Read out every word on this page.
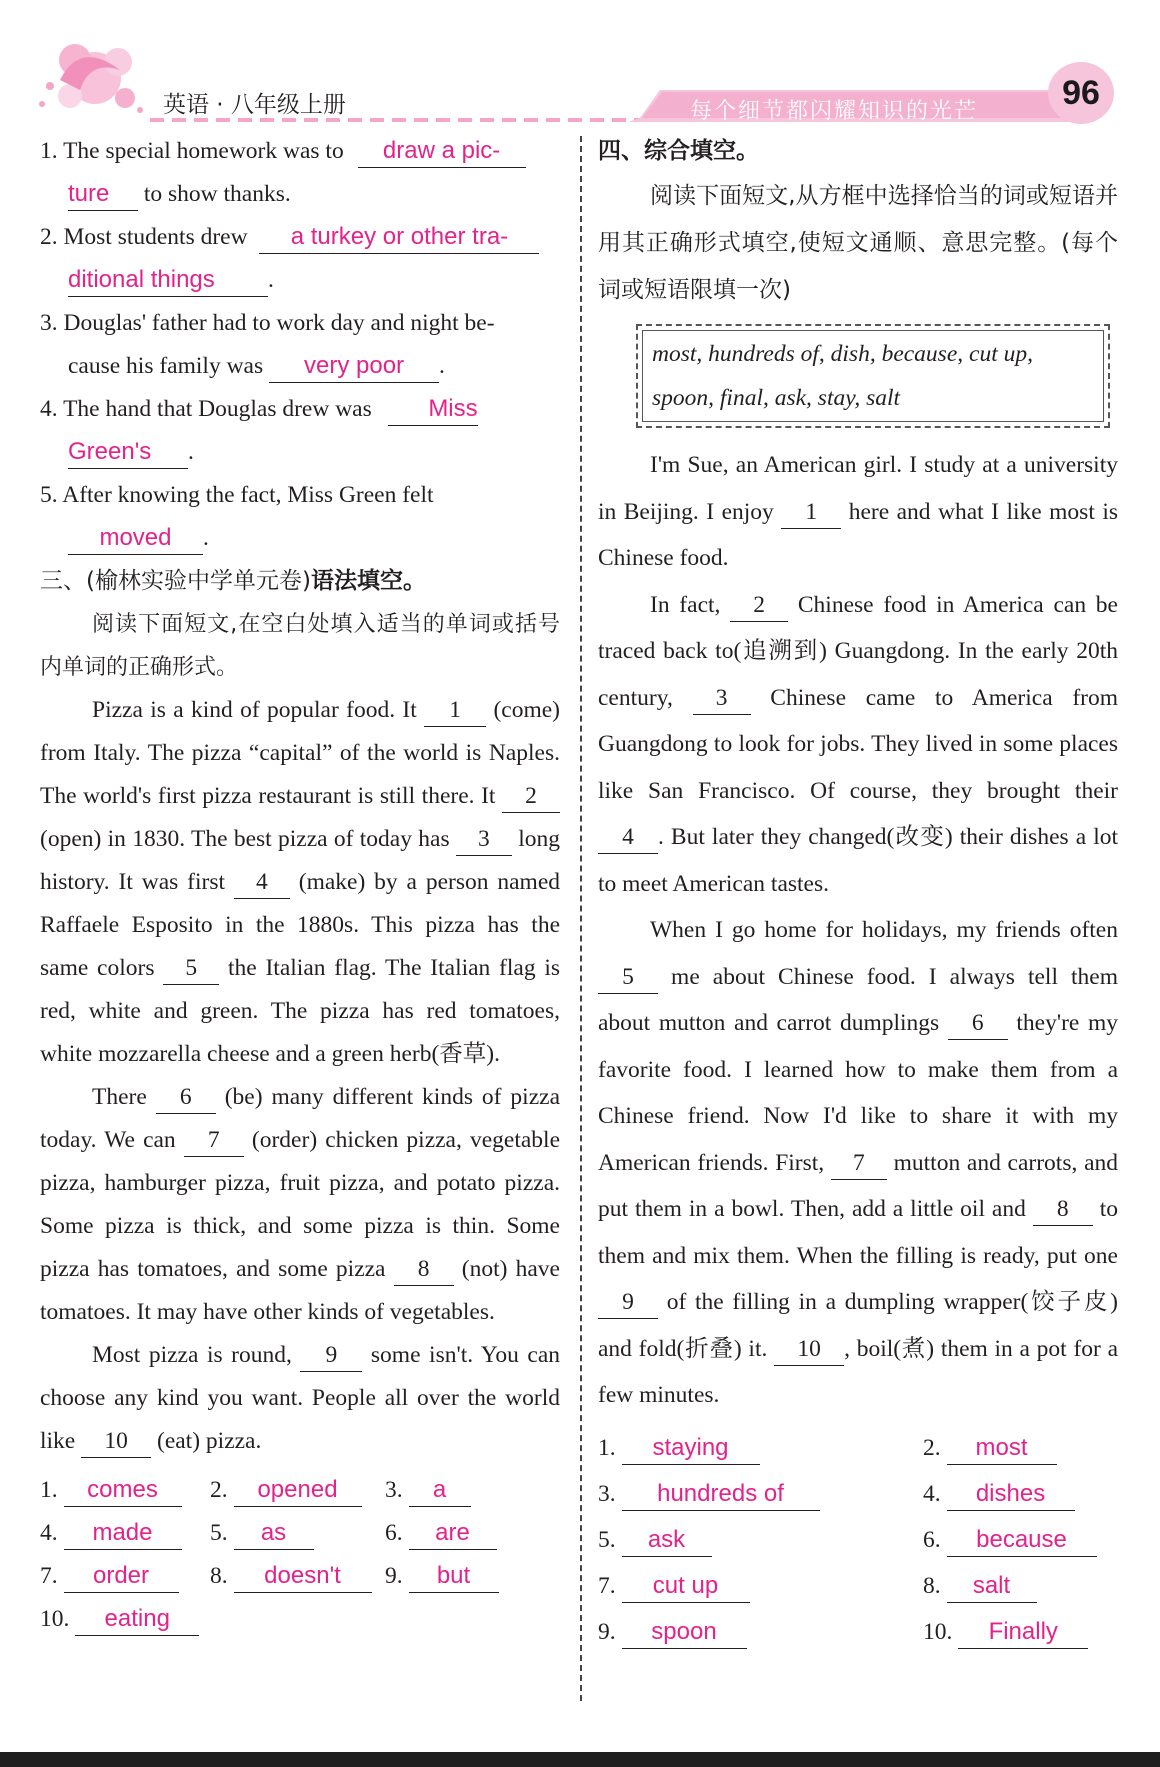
英语 · 八年级上册	每个细节都闪耀知识的光芒	96

1. The special homework was to draw a pic-

ture to show thanks.

2. Most students drew a turkey or other tra-

ditional things .

3. Douglas' father had to work day and night be-

cause his family was very poor .

4. The hand that Douglas drew was Miss

Green's .

5. After knowing the fact, Miss Green felt

moved .

三、(榆林实验中学单元卷)语法填空。

阅读下面短文,在空白处填入适当的单词或括号内单词的正确形式。

Pizza is a kind of popular food. It 1 (come) from Italy. The pizza “capital” of the world is Naples. The world's first pizza restaurant is still there. It 2 (open) in 1830. The best pizza of today has 3 long history. It was first 4 (make) by a person named Raffaele Esposito in the 1880s. This pizza has the same colors 5 the Italian flag. The Italian flag is red, white and green. The pizza has red tomatoes, white mozzarella cheese and a green herb(香草).

There 6 (be) many different kinds of pizza today. We can 7 (order) chicken pizza, vegetable pizza, hamburger pizza, fruit pizza, and potato pizza. Some pizza is thick, and some pizza is thin. Some pizza has tomatoes, and some pizza 8 (not) have tomatoes. It may have other kinds of vegetables.

Most pizza is round, 9 some isn't. You can choose any kind you want. People all over the world like 10 (eat) pizza.

1. comes	2. opened	3. a
4. made	5. as	6. are
7. order	8. doesn't	9. but
10. eating

四、综合填空。

阅读下面短文,从方框中选择恰当的词或短语并用其正确形式填空,使短文通顺、意思完整。(每个词或短语限填一次)

most, hundreds of, dish, because, cut up,
spoon, final, ask, stay, salt

I'm Sue, an American girl. I study at a university in Beijing. I enjoy 1 here and what I like most is Chinese food.

In fact, 2 Chinese food in America can be traced back to(追溯到) Guangdong. In the early 20th century, 3 Chinese came to America from Guangdong to look for jobs. They lived in some places like San Francisco. Of course, they brought their 4 . But later they changed(改变) their dishes a lot to meet American tastes.

When I go home for holidays, my friends often 5 me about Chinese food. I always tell them about mutton and carrot dumplings 6 they're my favorite food. I learned how to make them from a Chinese friend. Now I'd like to share it with my American friends. First, 7 mutton and carrots, and put them in a bowl. Then, add a little oil and 8 to them and mix them. When the filling is ready, put one 9 of the filling in a dumpling wrapper(饺子皮) and fold(折叠) it. 10 , boil(煮) them in a pot for a few minutes.

1. staying	2. most
3. hundreds of	4. dishes
5. ask	6. because
7. cut up	8. salt
9. spoon	10. Finally
